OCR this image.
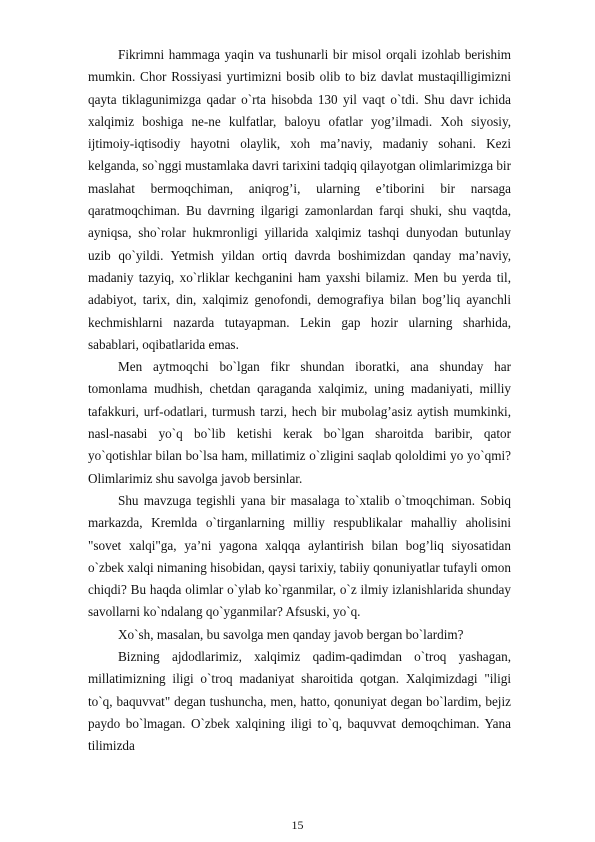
Fikrimni hammaga yaqin va tushunarli bir misol orqali izohlab berishim mumkin. Chor Rossiyasi yurtimizni bosib olib to biz davlat mustaqilligimizni qayta tiklagunimizga qadar o`rta hisobda 130 yil vaqt o`tdi. Shu davr ichida xalqimiz boshiga ne-ne kulfatlar, baloyu ofatlar yog’ilmadi. Xoh siyosiy, ijtimoiy-iqtisodiy hayotni olaylik, xoh ma’naviy, madaniy sohani. Kezi kelganda, so`nggi mustamlaka davri tarixini tadqiq qilayotgan olimlarimizga bir maslahat bermoqchiman, aniqrog’i, ularning e’tiborini bir narsaga qaratmoqchiman. Bu davrning ilgarigi zamonlardan farqi shuki, shu vaqtda, ayniqsa, sho`rolar hukmronligi yillarida xalqimiz tashqi dunyodan butunlay uzib qo`yildi. Yetmish yildan ortiq davrda boshimizdan qanday ma’naviy, madaniy tazyiq, xo`rliklar kechganini ham yaxshi bilamiz. Men bu yerda til, adabiyot, tarix, din, xalqimiz genofondi, demografiya bilan bog’liq ayanchli kechmishlarni nazarda tutayapman. Lekin gap hozir ularning sharhida, sabablari, oqibatlarida emas.

Men aytmoqchi bo`lgan fikr shundan iboratki, ana shunday har tomonlama mudhish, chetdan qaraganda xalqimiz, uning madaniyati, milliy tafakkuri, urf-odatlari, turmush tarzi, hech bir mubolag’asiz aytish mumkinki, nasl-nasabi yo`q bo`lib ketishi kerak bo`lgan sharoitda baribir, qator yo`qotishlar bilan bo`lsa ham, millatimiz o`zligini saqlab qololdimi yo yo`qmi? Olimlarimiz shu savolga javob bersinlar.

Shu mavzuga tegishli yana bir masalaga to`xtalib o`tmoqchiman. Sobiq markazda, Kremlda o`tirganlarning milliy respublikalar mahalliy aholisini "sovet xalqi"ga, ya’ni yagona xalqqa aylantirish bilan bog’liq siyosatidan o`zbek xalqi nimaning hisobidan, qaysi tarixiy, tabiiy qonuniyatlar tufayli omon chiqdi? Bu haqda olimlar o`ylab ko`rganmilar, o`z ilmiy izlanishlarida shunday savollarni ko`ndalang qo`yganmilar? Afsuski, yo`q.

Xo`sh, masalan, bu savolga men qanday javob bergan bo`lardim?

Bizning ajdodlarimiz, xalqimiz qadim-qadimdan o`troq yashagan, millatimizning iligi o`troq madaniyat sharoitida qotgan. Xalqimizdagi "iligi to`q, baquvvat" degan tushuncha, men, hatto, qonuniyat degan bo`lardim, bejiz paydo bo`lmagan. O`zbek xalqining iligi to`q, baquvvat demoqchiman. Yana tilimizda

15
